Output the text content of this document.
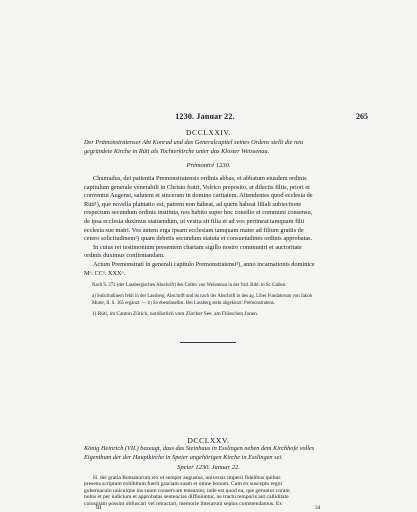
1230. Januar 22.	265
DCCLXXIV.
Der Prämonstratenser Abt Konrad und das Generalcapitel seines Ordens stellt die neu
gegründete Kirche in Rüti als Tochterkirche unter das Kloster Weissenau.
Prémontré 1230.

Chunradus, dei patientia Premonstratensis ordinis abbas, et abbatum eiusdem ordinis

capitulum generale venerabili in Christo fratri, Volrico preposito, et dilectis filiis, priori et

conventui Augensi, salutem et sinceram in domino caritatem. Attendentes quod ecclesia de

Rūti¹), que novella plantatio est, patrem non habeat, ad quem habeat filiali subiectione

respectum secundum ordinis instituta, nos habito super hoc consilio et communi consensu,

de ipsa ecclesia duximus statuendum, ut vestra sit filia et ad vos pertineat tamquam filii

ecclesia sue matri. Vos autem erga ipsam ecclesiam tamquam mater ad filium gratiis de

cetero solicitudinem²) quam debetis secundum statuta et consuetudines ordinis approbatas.

In cuius rei testimonium presentem chartam sigillo nostro communiri et auctoritate

ordinis duximus confirmandam.

Actum Premonstrati in generali capitulo Premonstratensi³), anno incarnationis dominice

Mᵒ. CCᵒ. XXXᵒ.

Nach S. 272 (der Lassbergischen Abschrift) des Codex von Weissenau in der Vad. Bibl. in St. Gallen.
a) Solicitudinem fehlt in der Lassberg. Abschrift und ist nach der Abschrift in des ag. Liber Fundatorum von Jakob
Murer, II. S. 165 ergänzt. — b) So ebendaselbst. Bei Lassberg steht abgekürzt: Premonstratens.
1) Rüti, im Canton Zürich, nordöstlich vom Zürcher See, am Flüsschen Jonen.
DCCLXXV.
König Heinrich (VII.) bezeugt, dass das Steinhaus in Esslingen neben dem Kirchhofe volles
Eigenthum der der Hauptkirche in Speier angehörigen Kirche in Esslingen sei.
Speier 1230. Januar 22.

H. dei gratia Romanorum rex et semper augustus, universis imperii fidelibus quibus

presens scriptum exhibitum fuerit graciam suam et omne bonum. Cum ex suscepto regni

gubernaculo unicuique ius suum conservare teneamur, inde est quod ea, que geruntur coram

nobis et per iudicium et approbatas sentencias diffiniuntur, ne tractu temporis aut calliditate

cuiuspiam possint obfuscari vel retractari, memorie litterarum sepius commendamus. Ex

III	34
